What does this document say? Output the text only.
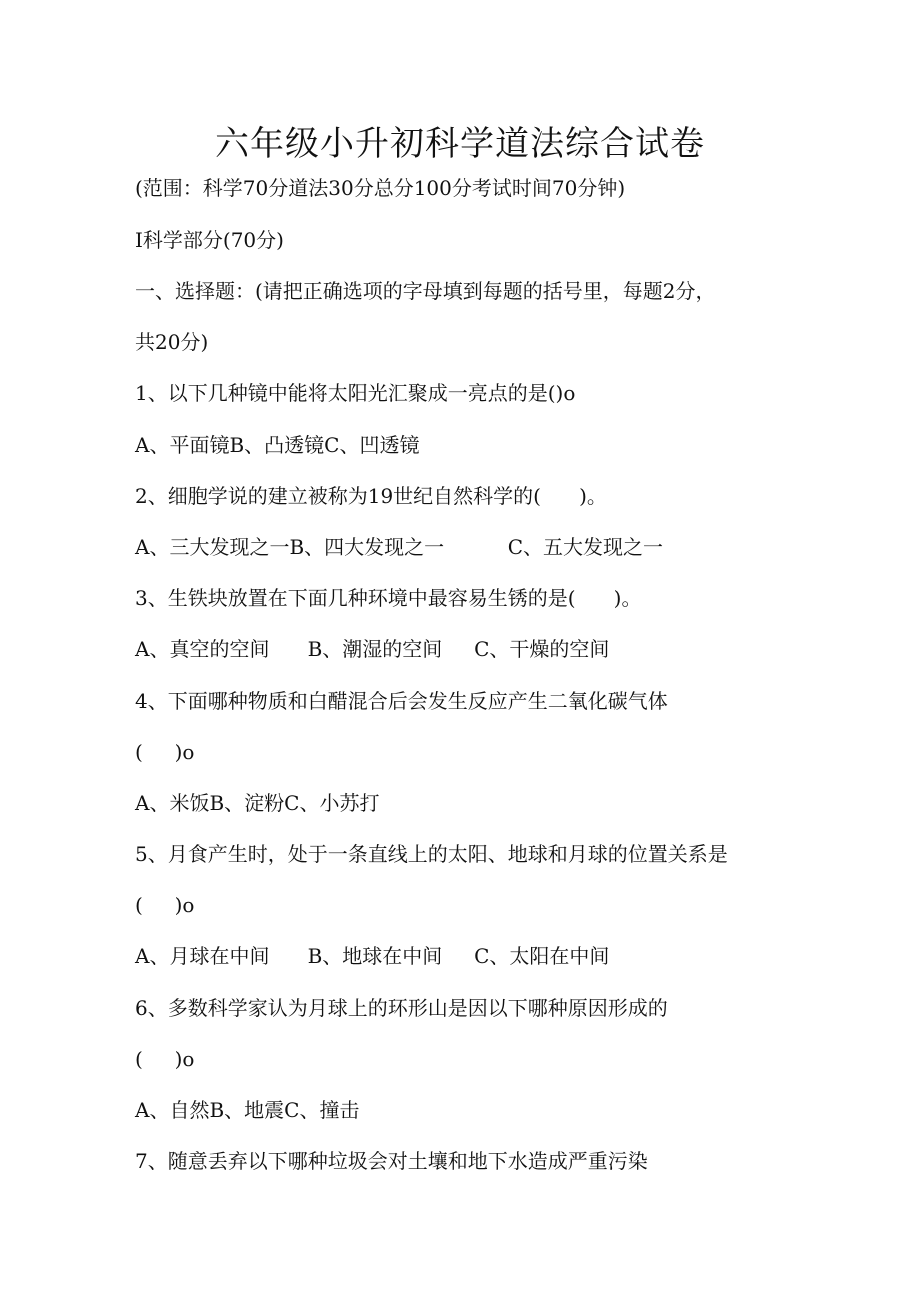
六年级小升初科学道法综合试卷
(范围：科学70分道法30分总分100分考试时间70分钟)
I科学部分(70分)
一、选择题：(请把正确选项的字母填到每题的括号里，每题2分，
共20分)
1、以下几种镜中能将太阳光汇聚成一亮点的是()o
A、平面镜B、凸透镜C、凹透镜
2、细胞学说的建立被称为19世纪自然科学的(      )。
A、三大发现之一B、四大发现之一          C、五大发现之一
3、生铁块放置在下面几种环境中最容易生锈的是(      )。
A、真空的空间      B、潮湿的空间     C、干燥的空间
4、下面哪种物质和白醋混合后会发生反应产生二氧化碳气体
(     )o
A、米饭B、淀粉C、小苏打
5、月食产生时，处于一条直线上的太阳、地球和月球的位置关系是
(     )o
A、月球在中间      B、地球在中间     C、太阳在中间
6、多数科学家认为月球上的环形山是因以下哪种原因形成的
(     )o
A、自然B、地震C、撞击
7、随意丢弃以下哪种垃圾会对土壤和地下水造成严重污染
